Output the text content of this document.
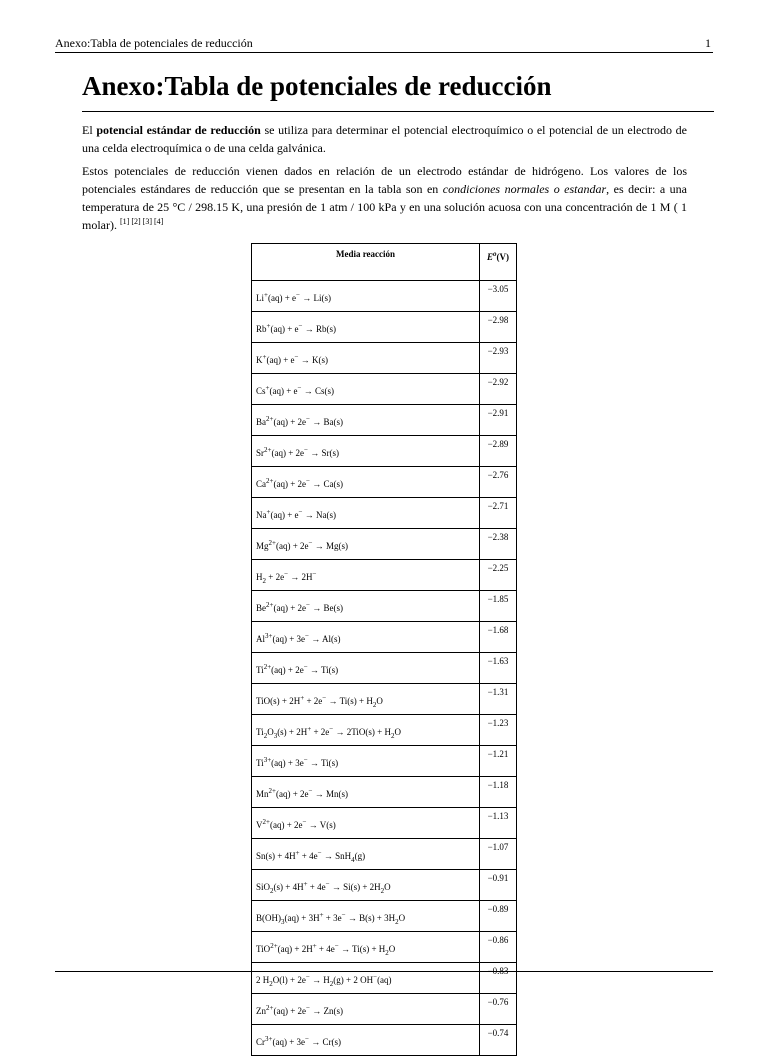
Anexo:Tabla de potenciales de reducción	1
Anexo:Tabla de potenciales de reducción

El potencial estándar de reducción se utiliza para determinar el potencial electroquímico o el potencial de un electrodo de una celda electroquímica o de una celda galvánica.

Estos potenciales de reducción vienen dados en relación de un electrodo estándar de hidrógeno. Los valores de los potenciales estándares de reducción que se presentan en la tabla son en condiciones normales o estandar, es decir: a una temperatura de 25 °C / 298.15 K, una presión de 1 atm / 100 kPa y en una solución acuosa con una concentración de 1 M ( 1 molar). [1] [2] [3] [4]

Media reacción	$E^o(V)$
Li+(aq) + e− → Li(s)	−3.05
Rb+(aq) + e− → Rb(s)	−2.98
K+(aq) + e− → K(s)	−2.93
Cs+(aq) + e− → Cs(s)	−2.92
$Ba^{2+}(aq) + 2e^- \to Ba(s)$	−2.91
$Sr^{2+}(aq) + 2e^- \to Sr(s)$	−2.89
$Ca^{2+}(aq) + 2e^- \to Ca(s)$	−2.76
Na+(aq) + e− → Na(s)	−2.71
$Mg^{2+}(aq) + 2e^- \to Mg(s)$	−2.38
$H_2 + 2e^- \to 2H^-$	−2.25
$Be^{2+}(aq) + 2e^- \to Be(s)$	−1.85
$Al^{3+}(aq) + 3e^- \to Al(s)$	−1.68
$Ti^{2+}(aq) + 2e^- \to Ti(s)$	−1.63
$TiO(s) + 2H^+ + 2e^- \to Ti(s) + H_2O$	−1.31
$Ti_2O_3(s) + 2H^+ + 2e^- \to 2TiO(s) + H_2O$	−1.23
$Ti^{3+}(aq) + 3e^- \to Ti(s)$	−1.21
$Mn^{2+}(aq) + 2e^- \to Mn(s)$	−1.18
$V^{2+}(aq) + 2e^- \to V(s)$	−1.13
Sn(s) + 4H+ + 4e− → SnH$_4$(g)	−1.07
$SiO_2(s) + 4H^+ + 4e^- \to Si(s) + 2H_2O$	−0.91
$B(OH)_3(aq) + 3H^+ + 3e^- \to B(s) + 3H_2O$	−0.89
$TiO^{2+}(aq) + 2H^+ + 4e^- \to Ti(s) + H_2O$	−0.86
2 $H_2O(l) + 2e^- \to H_2(g) + 2$ OH−(aq)	−0.83
$Zn^{2+}(aq) + 2e^- \to Zn(s)$	−0.76
$Cr^{3+}(aq) + 3e^- \to Cr(s)$	−0.74
